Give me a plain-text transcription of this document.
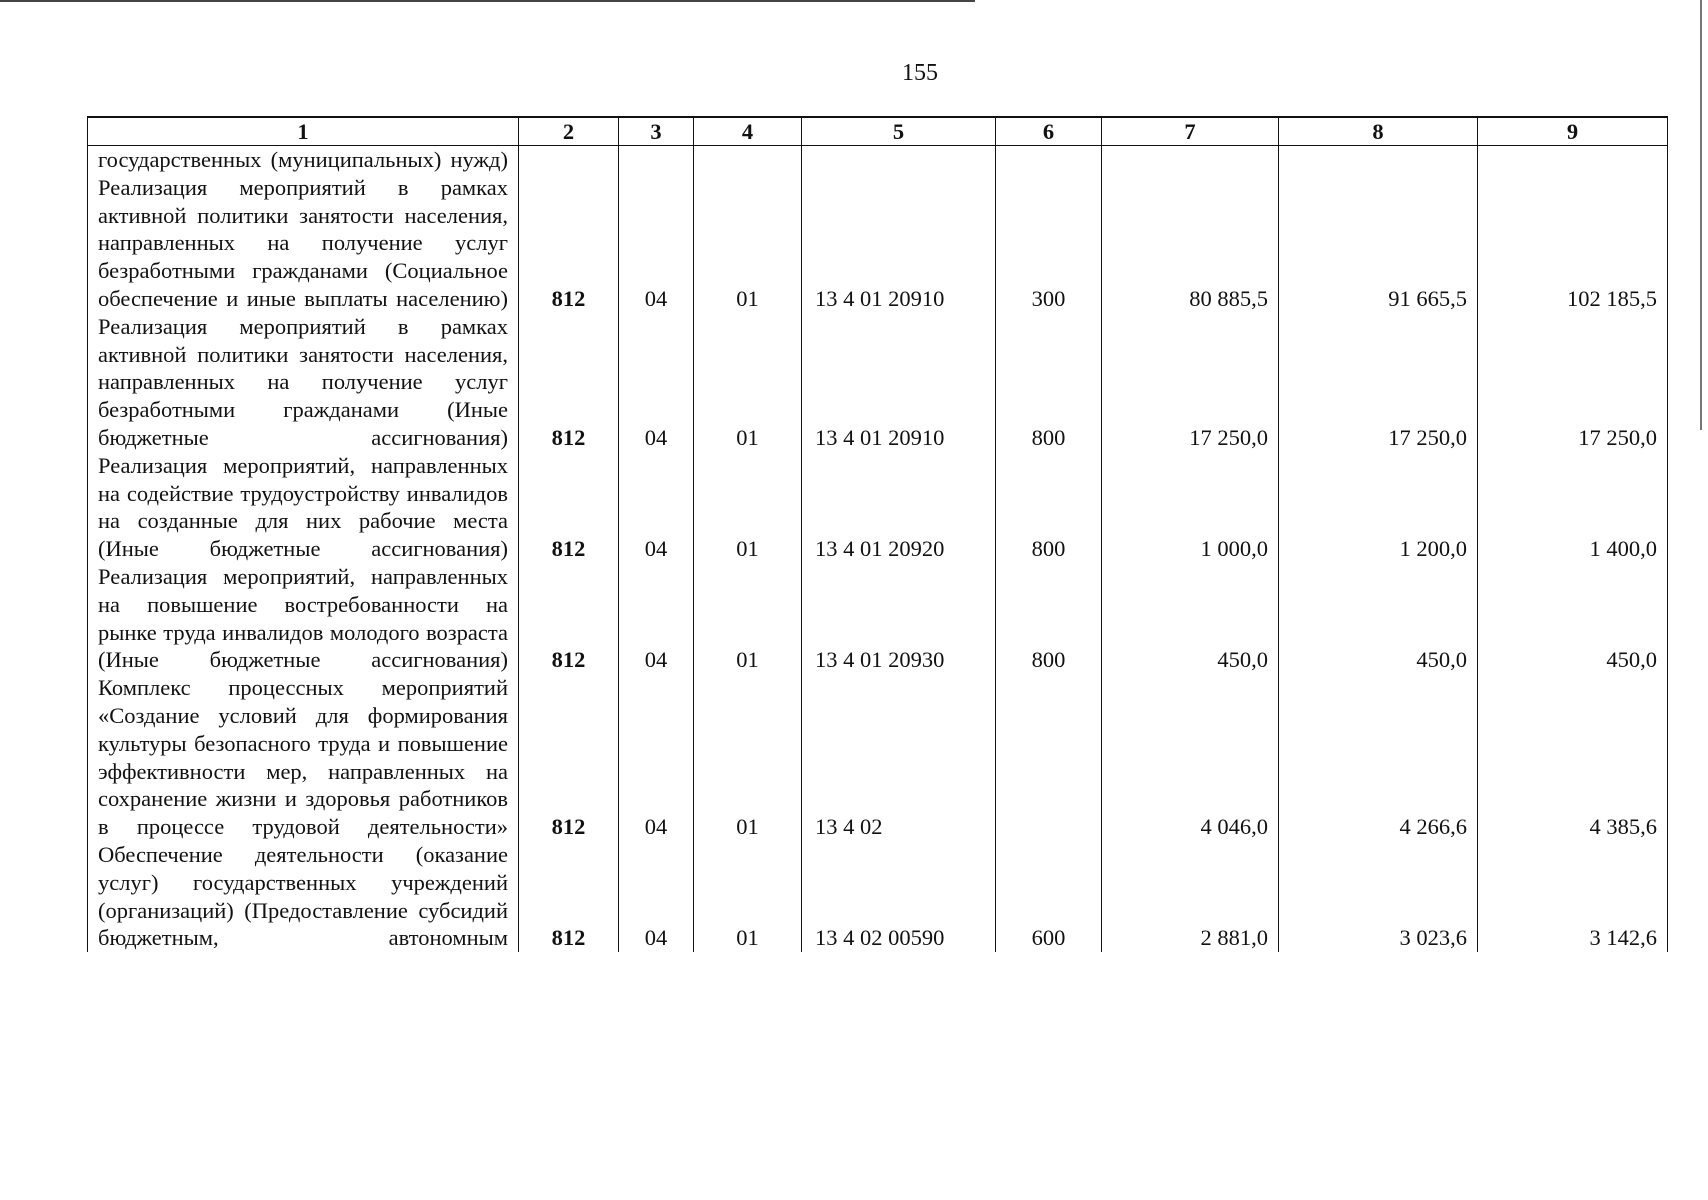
155
1	2	3	4	5	6	7	8	9
государственных (муниципальных) нужд)								
Реализация мероприятий в рамках активной политики занятости населения, направленных на получение услуг безработными гражданами (Социальное обеспечение и иные выплаты населению)	812	04	01	13 4 01 20910	300	80 885,5	91 665,5	102 185,5
Реализация мероприятий в рамках активной политики занятости населения, направленных на получение услуг безработными гражданами (Иные бюджетные ассигнования)	812	04	01	13 4 01 20910	800	17 250,0	17 250,0	17 250,0
Реализация мероприятий, направленных на содействие трудоустройству инвалидов на созданные для них рабочие места (Иные бюджетные ассигнования)	812	04	01	13 4 01 20920	800	1 000,0	1 200,0	1 400,0
Реализация мероприятий, направленных на повышение востребованности на рынке труда инвалидов молодого возраста (Иные бюджетные ассигнования)	812	04	01	13 4 01 20930	800	450,0	450,0	450,0
Комплекс процессных мероприятий «Создание условий для формирования культуры безопасного труда и повышение эффективности мер, направленных на сохранение жизни и здоровья работников в процессе трудовой деятельности»	812	04	01	13 4 02		4 046,0	4 266,6	4 385,6
Обеспечение деятельности (оказание услуг) государственных учреждений (организаций) (Предоставление субсидий бюджетным, автономным	812	04	01	13 4 02 00590	600	2 881,0	3 023,6	3 142,6
